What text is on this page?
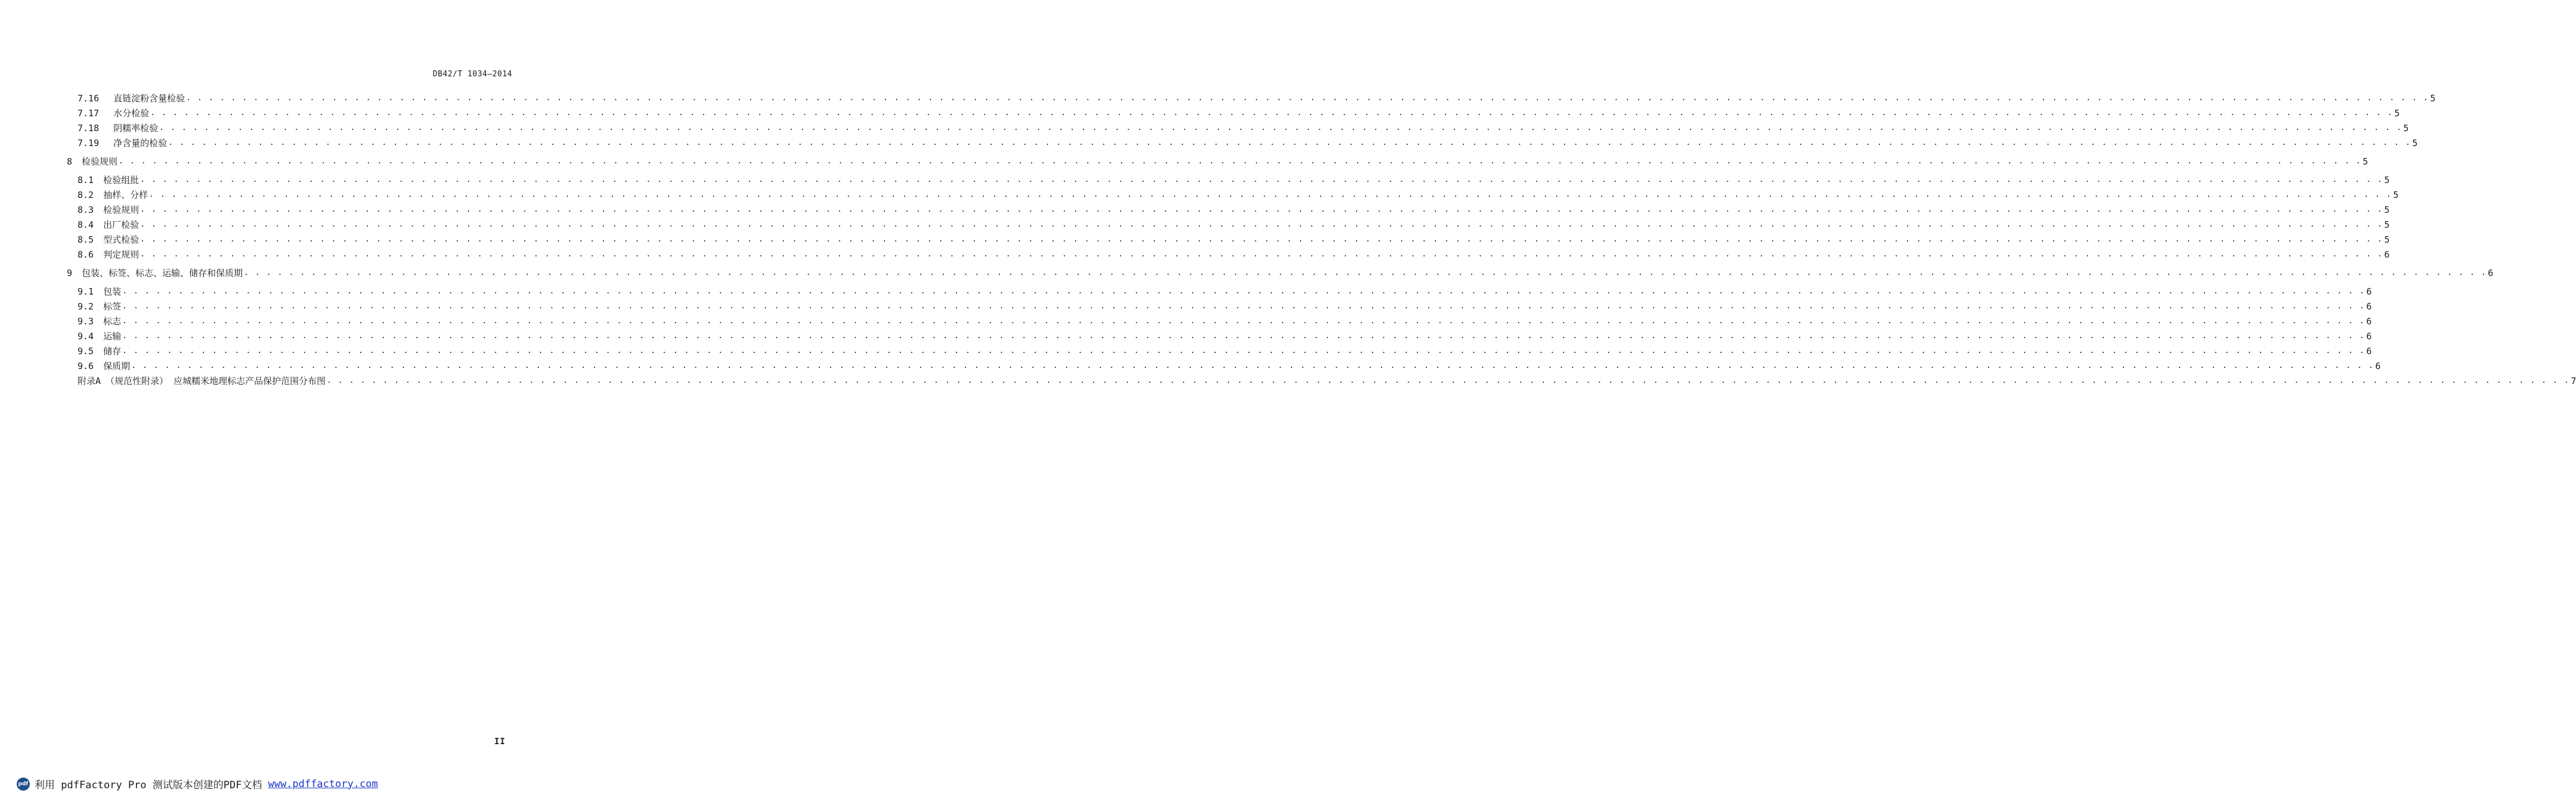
DB42/T 1034—2014
7.16	直链淀粉含量检验 . . . . . . . . . . . . . . . . . . . . . . . . . . . . . . . . . . . . . . . . . . . . . . . . . . . . . . . . . . . . . . . . . . . . . . . . . . . . . . . . . . . . . . . . . . . . . . . . . . . . . . . . . . . . . . . . . . . . . . . . . . . . . . . . . . . . . . . . . . . . . . . . . . . . . . . . . . . . . . . . . . . . . . . . . . . . . . . . . . . . . . . . . . . . . . . . . . . . . . . . 5
7.17	水分检验 . . . . . . . . . . . . . . . . . . . . . . . . . . . . . . . . . . . . . . . . . . . . . . . . . . . . . . . . . . . . . . . . . . . . . . . . . . . . . . . . . . . . . . . . . . . . . . . . . . . . . . . . . . . . . . . . . . . . . . . . . . . . . . . . . . . . . . . . . . . . . . . . . . . . . . . . . . . . . . . . . . . . . . . . . . . . . . . . . . . . . . . . . . . . . . . . . . . . . . . . 5
7.18	阴糯率检验 . . . . . . . . . . . . . . . . . . . . . . . . . . . . . . . . . . . . . . . . . . . . . . . . . . . . . . . . . . . . . . . . . . . . . . . . . . . . . . . . . . . . . . . . . . . . . . . . . . . . . . . . . . . . . . . . . . . . . . . . . . . . . . . . . . . . . . . . . . . . . . . . . . . . . . . . . . . . . . . . . . . . . . . . . . . . . . . . . . . . . . . . . . . . . . . . . . . . . . . . 5
7.19	净含量的检验 . . . . . . . . . . . . . . . . . . . . . . . . . . . . . . . . . . . . . . . . . . . . . . . . . . . . . . . . . . . . . . . . . . . . . . . . . . . . . . . . . . . . . . . . . . . . . . . . . . . . . . . . . . . . . . . . . . . . . . . . . . . . . . . . . . . . . . . . . . . . . . . . . . . . . . . . . . . . . . . . . . . . . . . . . . . . . . . . . . . . . . . . . . . . . . . . . . . . . . . . 5
8	检验规则 . . . . . . . . . . . . . . . . . . . . . . . . . . . . . . . . . . . . . . . . . . . . . . . . . . . . . . . . . . . . . . . . . . . . . . . . . . . . . . . . . . . . . . . . . . . . . . . . . . . . . . . . . . . . . . . . . . . . . . . . . . . . . . . . . . . . . . . . . . . . . . . . . . . . . . . . . . . . . . . . . . . . . . . . . . . . . . . . . . . . . . . . . . . . . . . . . . . . . . . . 5
8.1	检验组批 . . . . . . . . . . . . . . . . . . . . . . . . . . . . . . . . . . . . . . . . . . . . . . . . . . . . . . . . . . . . . . . . . . . . . . . . . . . . . . . . . . . . . . . . . . . . . . . . . . . . . . . . . . . . . . . . . . . . . . . . . . . . . . . . . . . . . . . . . . . . . . . . . . . . . . . . . . . . . . . . . . . . . . . . . . . . . . . . . . . . . . . . . . . . . . . . . . . . . . . . 5
8.2	抽样、分样 . . . . . . . . . . . . . . . . . . . . . . . . . . . . . . . . . . . . . . . . . . . . . . . . . . . . . . . . . . . . . . . . . . . . . . . . . . . . . . . . . . . . . . . . . . . . . . . . . . . . . . . . . . . . . . . . . . . . . . . . . . . . . . . . . . . . . . . . . . . . . . . . . . . . . . . . . . . . . . . . . . . . . . . . . . . . . . . . . . . . . . . . . . . . . . . . . . . . . . . . 5
8.3	检验规则 . . . . . . . . . . . . . . . . . . . . . . . . . . . . . . . . . . . . . . . . . . . . . . . . . . . . . . . . . . . . . . . . . . . . . . . . . . . . . . . . . . . . . . . . . . . . . . . . . . . . . . . . . . . . . . . . . . . . . . . . . . . . . . . . . . . . . . . . . . . . . . . . . . . . . . . . . . . . . . . . . . . . . . . . . . . . . . . . . . . . . . . . . . . . . . . . . . . . . . . . 5
8.4	出厂检验 . . . . . . . . . . . . . . . . . . . . . . . . . . . . . . . . . . . . . . . . . . . . . . . . . . . . . . . . . . . . . . . . . . . . . . . . . . . . . . . . . . . . . . . . . . . . . . . . . . . . . . . . . . . . . . . . . . . . . . . . . . . . . . . . . . . . . . . . . . . . . . . . . . . . . . . . . . . . . . . . . . . . . . . . . . . . . . . . . . . . . . . . . . . . . . . . . . . . . . . . 5
8.5	型式检验 . . . . . . . . . . . . . . . . . . . . . . . . . . . . . . . . . . . . . . . . . . . . . . . . . . . . . . . . . . . . . . . . . . . . . . . . . . . . . . . . . . . . . . . . . . . . . . . . . . . . . . . . . . . . . . . . . . . . . . . . . . . . . . . . . . . . . . . . . . . . . . . . . . . . . . . . . . . . . . . . . . . . . . . . . . . . . . . . . . . . . . . . . . . . . . . . . . . . . . . . 5
8.6	判定规则 . . . . . . . . . . . . . . . . . . . . . . . . . . . . . . . . . . . . . . . . . . . . . . . . . . . . . . . . . . . . . . . . . . . . . . . . . . . . . . . . . . . . . . . . . . . . . . . . . . . . . . . . . . . . . . . . . . . . . . . . . . . . . . . . . . . . . . . . . . . . . . . . . . . . . . . . . . . . . . . . . . . . . . . . . . . . . . . . . . . . . . . . . . . . . . . . . . . . . . . . 6
9	包装、标签、标志、运输、储存和保质期 . . . . . . . . . . . . . . . . . . . . . . . . . . . . . . . . . . . . . . . . . . . . . . . . . . . . . . . . . . . . . . . . . . . . . . . . . . . . . . . . . . . . . . . . . . . . . . . . . . . . . . . . . . . . . . . . . . . . . . . . . . . . . . . . . . . . . . . . . . . . . . . . . . . . . . . . . . . . . . . . . . . . . . . . . . . . . . . . . . . . . . . . . . . . . . . . . . . . . . . . 6
9.1	包装 . . . . . . . . . . . . . . . . . . . . . . . . . . . . . . . . . . . . . . . . . . . . . . . . . . . . . . . . . . . . . . . . . . . . . . . . . . . . . . . . . . . . . . . . . . . . . . . . . . . . . . . . . . . . . . . . . . . . . . . . . . . . . . . . . . . . . . . . . . . . . . . . . . . . . . . . . . . . . . . . . . . . . . . . . . . . . . . . . . . . . . . . . . . . . . . . . . . . . . . . 6
9.2	标签 . . . . . . . . . . . . . . . . . . . . . . . . . . . . . . . . . . . . . . . . . . . . . . . . . . . . . . . . . . . . . . . . . . . . . . . . . . . . . . . . . . . . . . . . . . . . . . . . . . . . . . . . . . . . . . . . . . . . . . . . . . . . . . . . . . . . . . . . . . . . . . . . . . . . . . . . . . . . . . . . . . . . . . . . . . . . . . . . . . . . . . . . . . . . . . . . . . . . . . . . 6
9.3	标志 . . . . . . . . . . . . . . . . . . . . . . . . . . . . . . . . . . . . . . . . . . . . . . . . . . . . . . . . . . . . . . . . . . . . . . . . . . . . . . . . . . . . . . . . . . . . . . . . . . . . . . . . . . . . . . . . . . . . . . . . . . . . . . . . . . . . . . . . . . . . . . . . . . . . . . . . . . . . . . . . . . . . . . . . . . . . . . . . . . . . . . . . . . . . . . . . . . . . . . . . 6
9.4	运输 . . . . . . . . . . . . . . . . . . . . . . . . . . . . . . . . . . . . . . . . . . . . . . . . . . . . . . . . . . . . . . . . . . . . . . . . . . . . . . . . . . . . . . . . . . . . . . . . . . . . . . . . . . . . . . . . . . . . . . . . . . . . . . . . . . . . . . . . . . . . . . . . . . . . . . . . . . . . . . . . . . . . . . . . . . . . . . . . . . . . . . . . . . . . . . . . . . . . . . . . 6
9.5	储存 . . . . . . . . . . . . . . . . . . . . . . . . . . . . . . . . . . . . . . . . . . . . . . . . . . . . . . . . . . . . . . . . . . . . . . . . . . . . . . . . . . . . . . . . . . . . . . . . . . . . . . . . . . . . . . . . . . . . . . . . . . . . . . . . . . . . . . . . . . . . . . . . . . . . . . . . . . . . . . . . . . . . . . . . . . . . . . . . . . . . . . . . . . . . . . . . . . . . . . . . 6
9.6	保质期 . . . . . . . . . . . . . . . . . . . . . . . . . . . . . . . . . . . . . . . . . . . . . . . . . . . . . . . . . . . . . . . . . . . . . . . . . . . . . . . . . . . . . . . . . . . . . . . . . . . . . . . . . . . . . . . . . . . . . . . . . . . . . . . . . . . . . . . . . . . . . . . . . . . . . . . . . . . . . . . . . . . . . . . . . . . . . . . . . . . . . . . . . . . . . . . . . . . . . . . . 6
附录A （规范性附录） 应城糯米地理标志产品保护范围分布图 . . . . . . . . . . . . . . . . . . . . . . . . . . . . . . . . . . . . . . . . . . . . . . . . . . . . . . . . . . . . . . . . . . . . . . . . . . . . . . . . . . . . . . . . . . . . . . . . . . . . . . . . . . . . . . . . . . . . . . . . . . . . . . . . . . . . . . . . . . . . . . . . . . . . . . . . . . . . . . . . . . . . . . . . . . . . . . . . . . . . . . . . . . . . . . . . . . . . . . . . 7
II
pdf 利用 pdfFactory Pro 测试版本创建的PDF文档 www.pdffactory.com
